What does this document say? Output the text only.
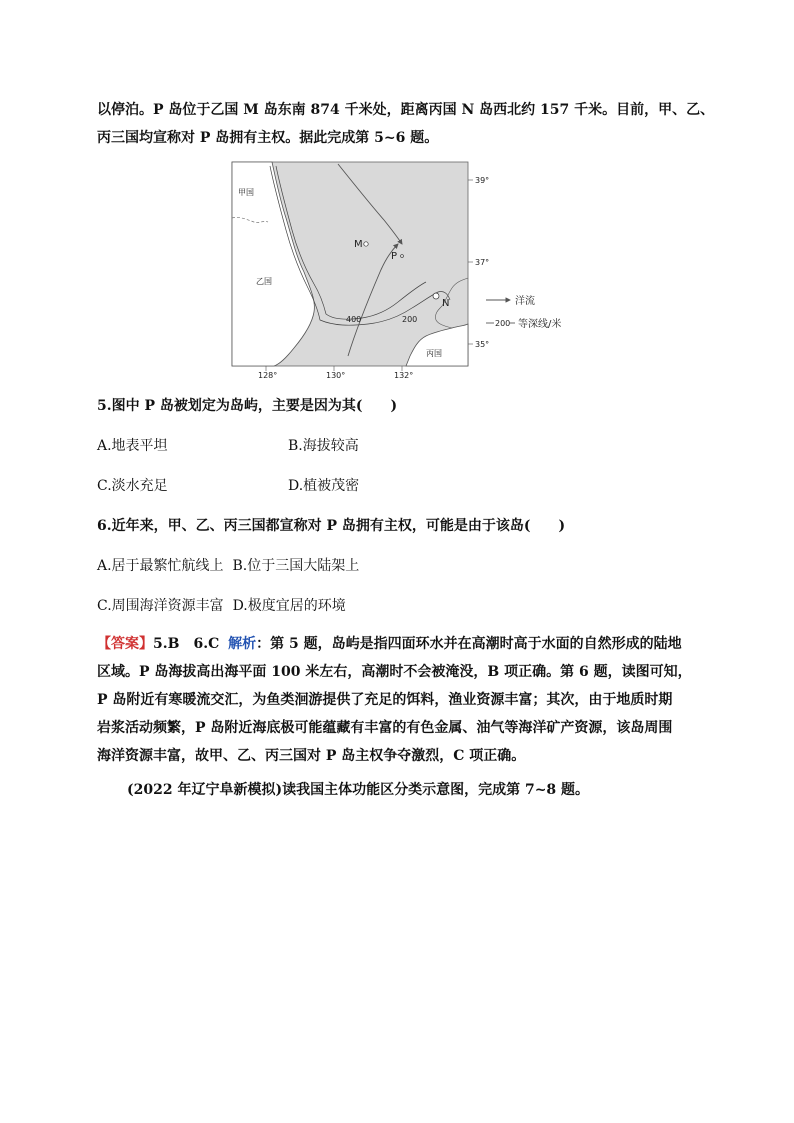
以停泊。P 岛位于乙国 M 岛东南 874 千米处，距离丙国 N 岛西北约 157 千米。目前，甲、乙、
丙三国均宣称对 P 岛拥有主权。据此完成第 5~6 题。
甲国
乙国
丙国
M
P
N
400	200
39°
37°
35°
128°	130°	132°
洋流
200 等深线/米
5.图中 P 岛被划定为岛屿，主要是因为其(　　)
A.地表平坦	B.海拔较高
C.淡水充足	D.植被茂密
6.近年来，甲、乙、丙三国都宣称对 P 岛拥有主权，可能是由于该岛(　　)
A.居于最繁忙航线上 B.位于三国大陆架上
C.周围海洋资源丰富 D.极度宜居的环境
【答案】5.B　6.C 解析：第 5 题，岛屿是指四面环水并在高潮时高于水面的自然形成的陆地
区域。P 岛海拔高出海平面 100 米左右，高潮时不会被淹没，B 项正确。第 6 题，读图可知，
P 岛附近有寒暖流交汇，为鱼类洄游提供了充足的饵料，渔业资源丰富；其次，由于地质时期
岩浆活动频繁，P 岛附近海底极可能蕴藏有丰富的有色金属、油气等海洋矿产资源，该岛周围
海洋资源丰富，故甲、乙、丙三国对 P 岛主权争夺激烈，C 项正确。
(2022 年辽宁阜新模拟)读我国主体功能区分类示意图，完成第 7~8 题。
